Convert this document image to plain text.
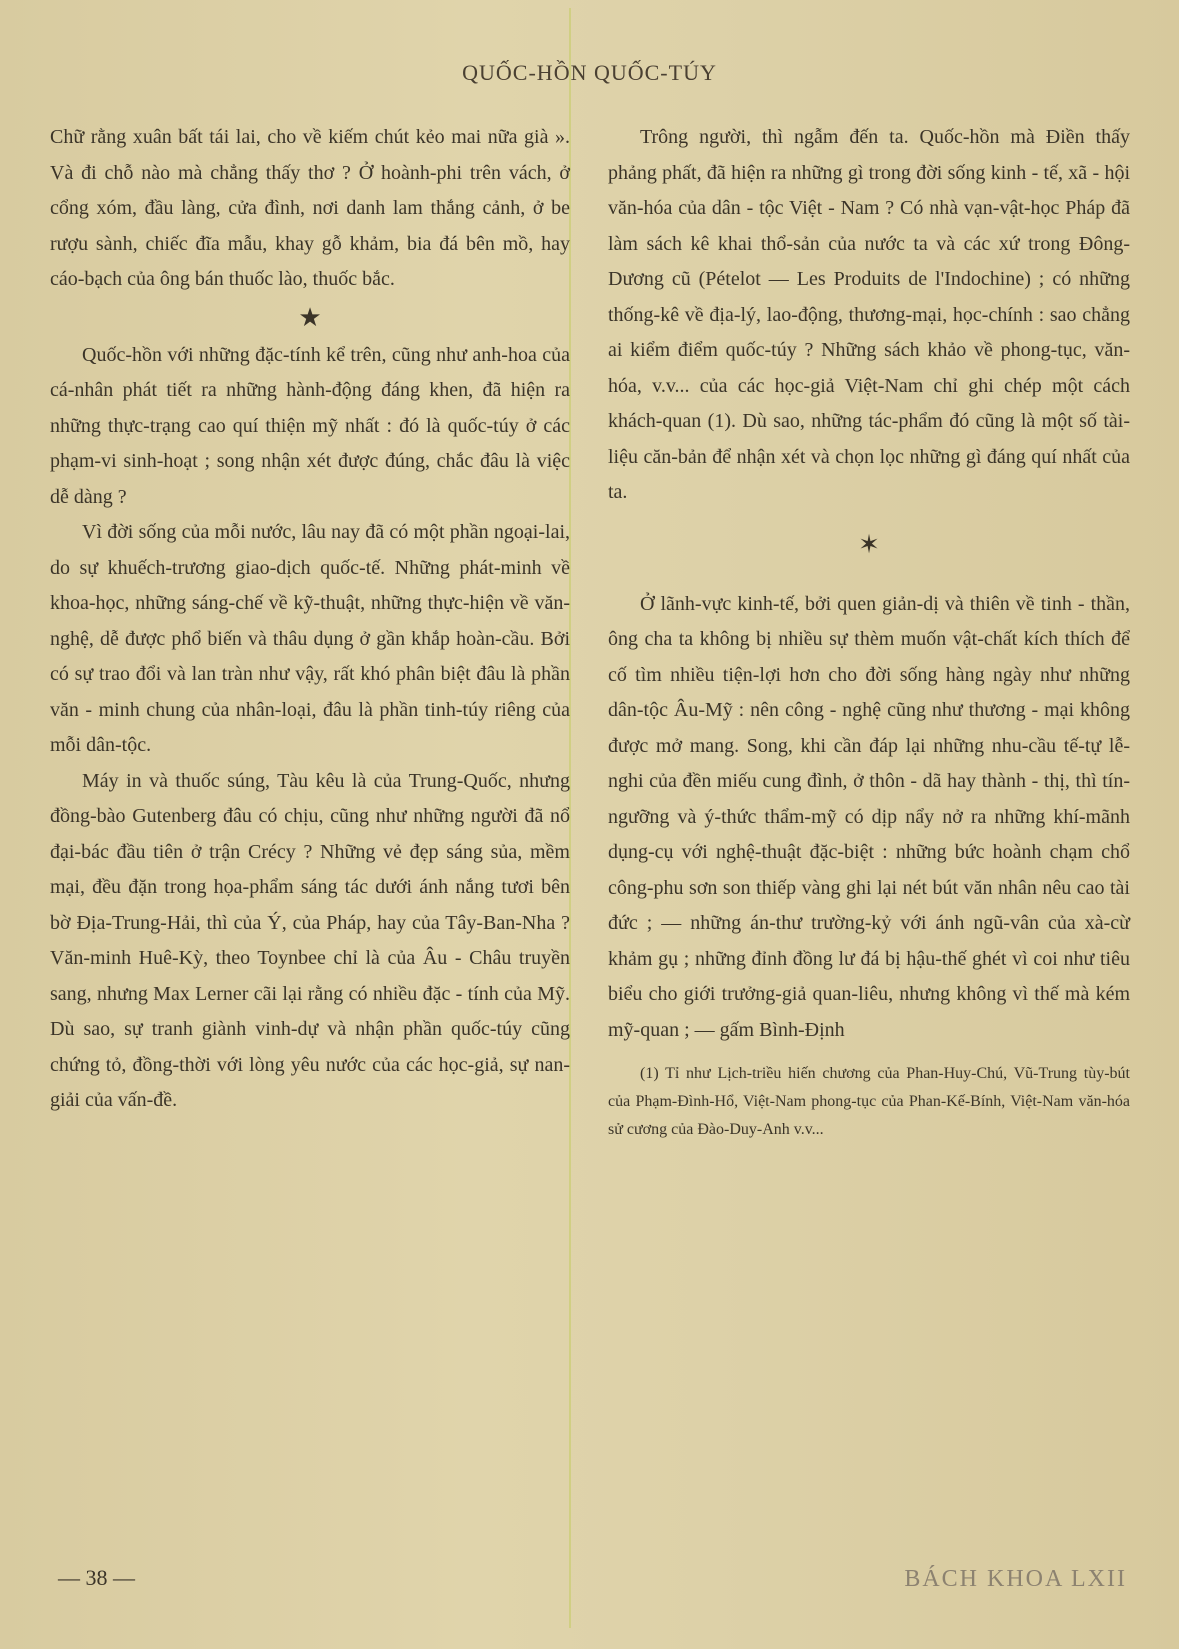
QUỐC-HỒN QUỐC-TÚY

Chữ rằng xuân bất tái lai, cho về kiếm chút kẻo mai nữa già ». Và đi chỗ nào mà chẳng thấy thơ ? Ở hoành-phi trên vách, ở cổng xóm, đầu làng, cửa đình, nơi danh lam thắng cảnh, ở be rượu sành, chiếc đĩa mẫu, khay gỗ khảm, bia đá bên mồ, hay cáo-bạch của ông bán thuốc lào, thuốc bắc.

★

Quốc-hồn với những đặc-tính kể trên, cũng như anh-hoa của cá-nhân phát tiết ra những hành-động đáng khen, đã hiện ra những thực-trạng cao quí thiện mỹ nhất : đó là quốc-túy ở các phạm-vi sinh-hoạt ; song nhận xét được đúng, chắc đâu là việc dễ dàng ?

Vì đời sống của mỗi nước, lâu nay đã có một phần ngoại-lai, do sự khuếch-trương giao-dịch quốc-tế. Những phát-minh về khoa-học, những sáng-chế về kỹ-thuật, những thực-hiện về văn-nghệ, dễ được phổ biến và thâu dụng ở gần khắp hoàn-cầu. Bởi có sự trao đổi và lan tràn như vậy, rất khó phân biệt đâu là phần văn - minh chung của nhân-loại, đâu là phần tinh-túy riêng của mỗi dân-tộc.

Máy in và thuốc súng, Tàu kêu là của Trung-Quốc, nhưng đồng-bào Gutenberg đâu có chịu, cũng như những người đã nổ đại-bác đầu tiên ở trận Crécy ? Những vẻ đẹp sáng sủa, mềm mại, đều đặn trong họa-phẩm sáng tác dưới ánh nắng tươi bên bờ Địa-Trung-Hải, thì của Ý, của Pháp, hay của Tây-Ban-Nha ? Văn-minh Huê-Kỳ, theo Toynbee chỉ là của Âu - Châu truyền sang, nhưng Max Lerner cãi lại rằng có nhiều đặc - tính của Mỹ. Dù sao, sự tranh giành vinh-dự và nhận phần quốc-túy cũng chứng tỏ, đồng-thời với lòng yêu nước của các học-giả, sự nan-giải của vấn-đề.

Trông người, thì ngẫm đến ta. Quốc-hồn mà Điền thấy phảng phất, đã hiện ra những gì trong đời sống kinh - tế, xã - hội văn-hóa của dân - tộc Việt - Nam ? Có nhà vạn-vật-học Pháp đã làm sách kê khai thổ-sản của nước ta và các xứ trong Đông-Dương cũ (Pételot — Les Produits de l'Indochine) ; có những thống-kê về địa-lý, lao-động, thương-mại, học-chính : sao chẳng ai kiểm điểm quốc-túy ? Những sách khảo về phong-tục, văn-hóa, v.v... của các học-giả Việt-Nam chỉ ghi chép một cách khách-quan (1). Dù sao, những tác-phẩm đó cũng là một số tài-liệu căn-bản để nhận xét và chọn lọc những gì đáng quí nhất của ta.

✶

Ở lãnh-vực kinh-tế, bởi quen giản-dị và thiên về tinh - thần, ông cha ta không bị nhiều sự thèm muốn vật-chất kích thích để cố tìm nhiều tiện-lợi hơn cho đời sống hàng ngày như những dân-tộc Âu-Mỹ : nên công - nghệ cũng như thương - mại không được mở mang. Song, khi cần đáp lại những nhu-cầu tế-tự lễ-nghi của đền miếu cung đình, ở thôn - dã hay thành - thị, thì tín-ngưỡng và ý-thức thẩm-mỹ có dịp nẩy nở ra những khí-mãnh dụng-cụ với nghệ-thuật đặc-biệt : những bức hoành chạm chổ công-phu sơn son thiếp vàng ghi lại nét bút văn nhân nêu cao tài đức ; — những án-thư trường-kỷ với ánh ngũ-vân của xà-cừ khảm gụ ; những đỉnh đồng lư đá bị hậu-thế ghét vì coi như tiêu biểu cho giới trưởng-giả quan-liêu, nhưng không vì thế mà kém mỹ-quan ; — gấm Bình-Định

(1) Tỉ như Lịch-triều hiến chương của Phan-Huy-Chú, Vũ-Trung tùy-bút của Phạm-Đình-Hổ, Việt-Nam phong-tục của Phan-Kế-Bính, Việt-Nam văn-hóa sử cương của Đào-Duy-Anh v.v...

— 38 —	BÁCH KHOA LXII
